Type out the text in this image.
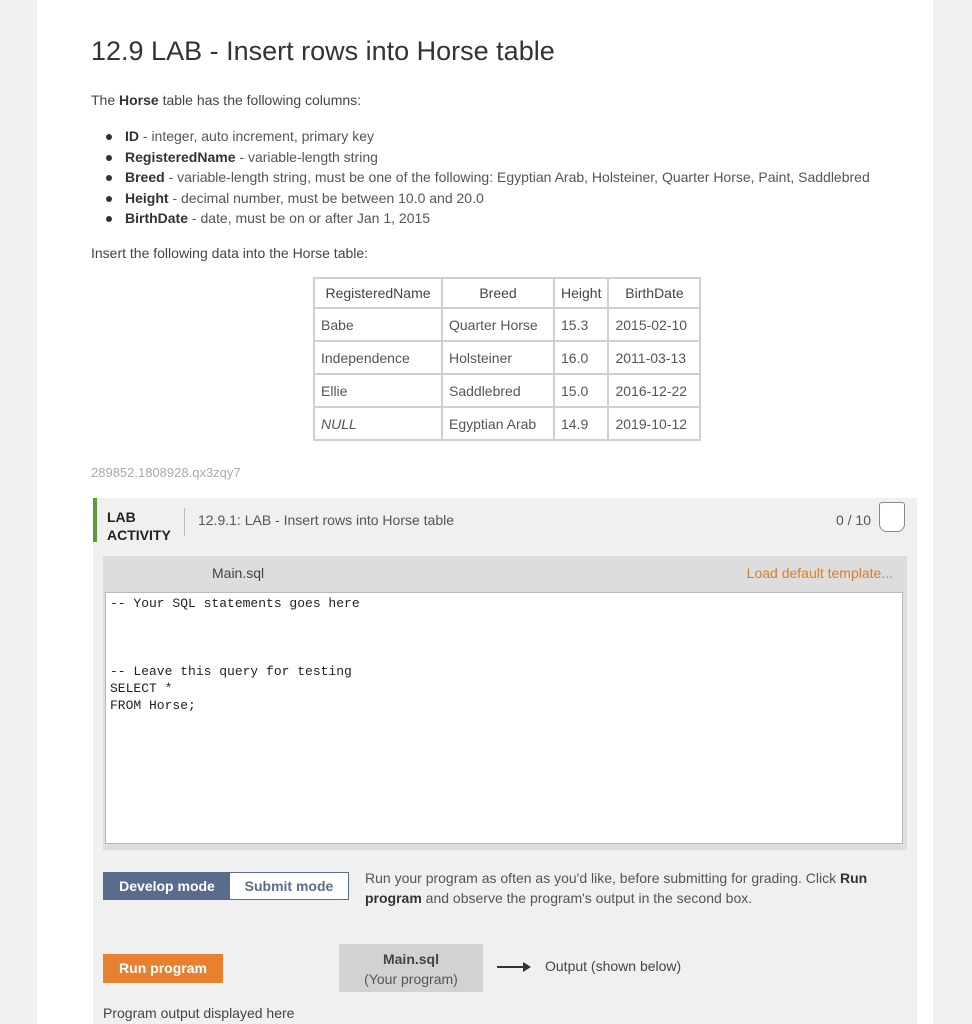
12.9 LAB - Insert rows into Horse table
The Horse table has the following columns:
ID - integer, auto increment, primary key
RegisteredName - variable-length string
Breed - variable-length string, must be one of the following: Egyptian Arab, Holsteiner, Quarter Horse, Paint, Saddlebred
Height - decimal number, must be between 10.0 and 20.0
BirthDate - date, must be on or after Jan 1, 2015
Insert the following data into the Horse table:
RegisteredName	Breed	Height	BirthDate
Babe	Quarter Horse	15.3	2015-02-10
Independence	Holsteiner	16.0	2011-03-13
Ellie	Saddlebred	15.0	2016-12-22
NULL	Egyptian Arab	14.9	2019-10-12
289852.1808928.qx3zqy7
LAB ACTIVITY
12.9.1: LAB - Insert rows into Horse table	0 / 10
Main.sql	Load default template...
-- Your SQL statements goes here -- Leave this query for testing SELECT * FROM Horse;
Develop mode	Submit mode	Run your program as often as you'd like, before submitting for grading. Click Run program and observe the program's output in the second box.
Run program
Main.sql
(Your program)
Output (shown below)
Program output displayed here
